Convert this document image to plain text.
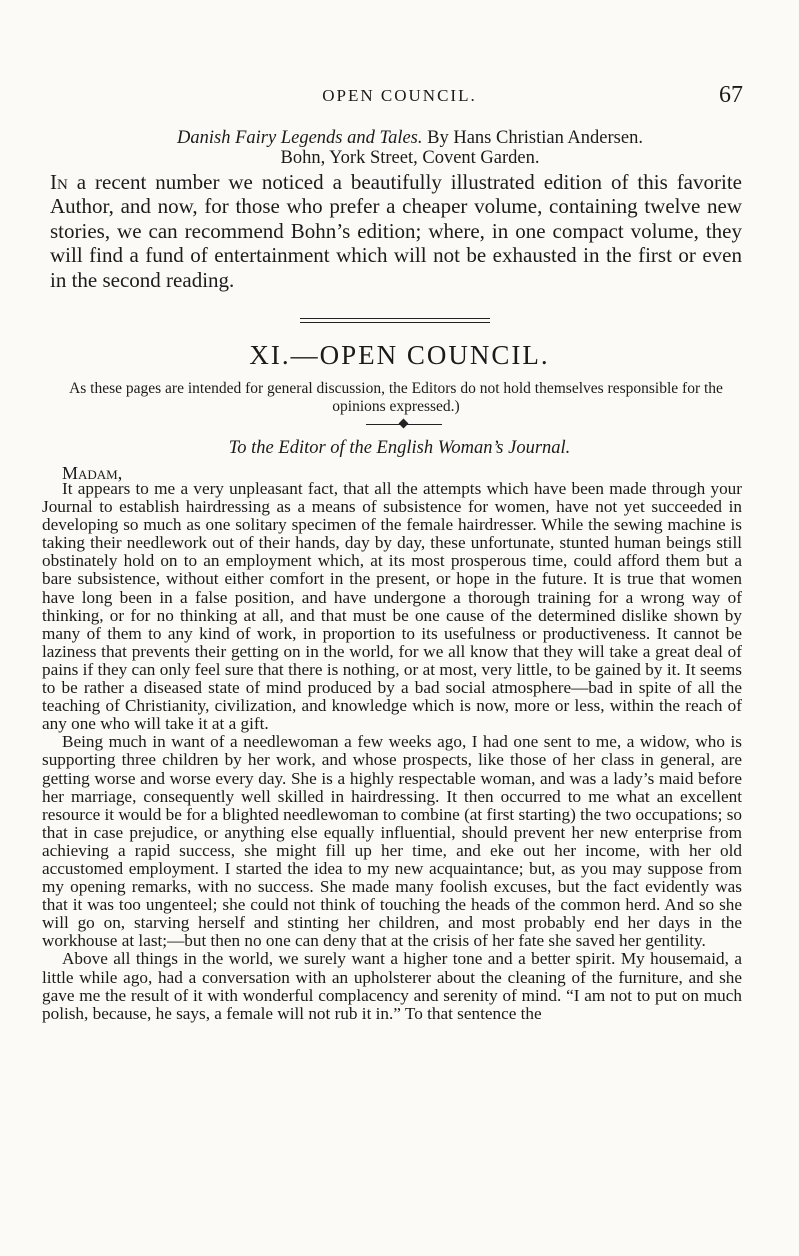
OPEN COUNCIL.	67
Danish Fairy Legends and Tales. By Hans Christian Andersen.
Bohn, York Street, Covent Garden.

In a recent number we noticed a beautifully illustrated edition of this favorite Author, and now, for those who prefer a cheaper volume, containing twelve new stories, we can recommend Bohn’s edition; where, in one compact volume, they will find a fund of entertainment which will not be exhausted in the first or even in the second reading.

XI.—OPEN COUNCIL.

As these pages are intended for general discussion, the Editors do not hold themselves responsible for the opinions expressed.)

To the Editor of the English Woman’s Journal.
Madam,

It appears to me a very unpleasant fact, that all the attempts which have been made through your Journal to establish hairdressing as a means of subsistence for women, have not yet succeeded in developing so much as one solitary specimen of the female hairdresser. While the sewing machine is taking their needlework out of their hands, day by day, these unfortunate, stunted human beings still obstinately hold on to an employment which, at its most prosperous time, could afford them but a bare subsistence, without either comfort in the present, or hope in the future. It is true that women have long been in a false position, and have undergone a thorough training for a wrong way of thinking, or for no thinking at all, and that must be one cause of the determined dislike shown by many of them to any kind of work, in proportion to its usefulness or productiveness. It cannot be laziness that prevents their getting on in the world, for we all know that they will take a great deal of pains if they can only feel sure that there is nothing, or at most, very little, to be gained by it. It seems to be rather a diseased state of mind produced by a bad social atmosphere—bad in spite of all the teaching of Christianity, civilization, and knowledge which is now, more or less, within the reach of any one who will take it at a gift.

Being much in want of a needlewoman a few weeks ago, I had one sent to me, a widow, who is supporting three children by her work, and whose prospects, like those of her class in general, are getting worse and worse every day. She is a highly respectable woman, and was a lady’s maid before her marriage, consequently well skilled in hairdressing. It then occurred to me what an excellent resource it would be for a blighted needlewoman to combine (at first starting) the two occupations; so that in case prejudice, or anything else equally influential, should prevent her new enterprise from achieving a rapid success, she might fill up her time, and eke out her income, with her old accustomed employment. I started the idea to my new acquaintance; but, as you may suppose from my opening remarks, with no success. She made many foolish excuses, but the fact evidently was that it was too ungenteel; she could not think of touching the heads of the common herd. And so she will go on, starving herself and stinting her children, and most probably end her days in the workhouse at last;—but then no one can deny that at the crisis of her fate she saved her gentility.

Above all things in the world, we surely want a higher tone and a better spirit. My housemaid, a little while ago, had a conversation with an upholsterer about the cleaning of the furniture, and she gave me the result of it with wonderful complacency and serenity of mind. “I am not to put on much polish, because, he says, a female will not rub it in.” To that sentence the
